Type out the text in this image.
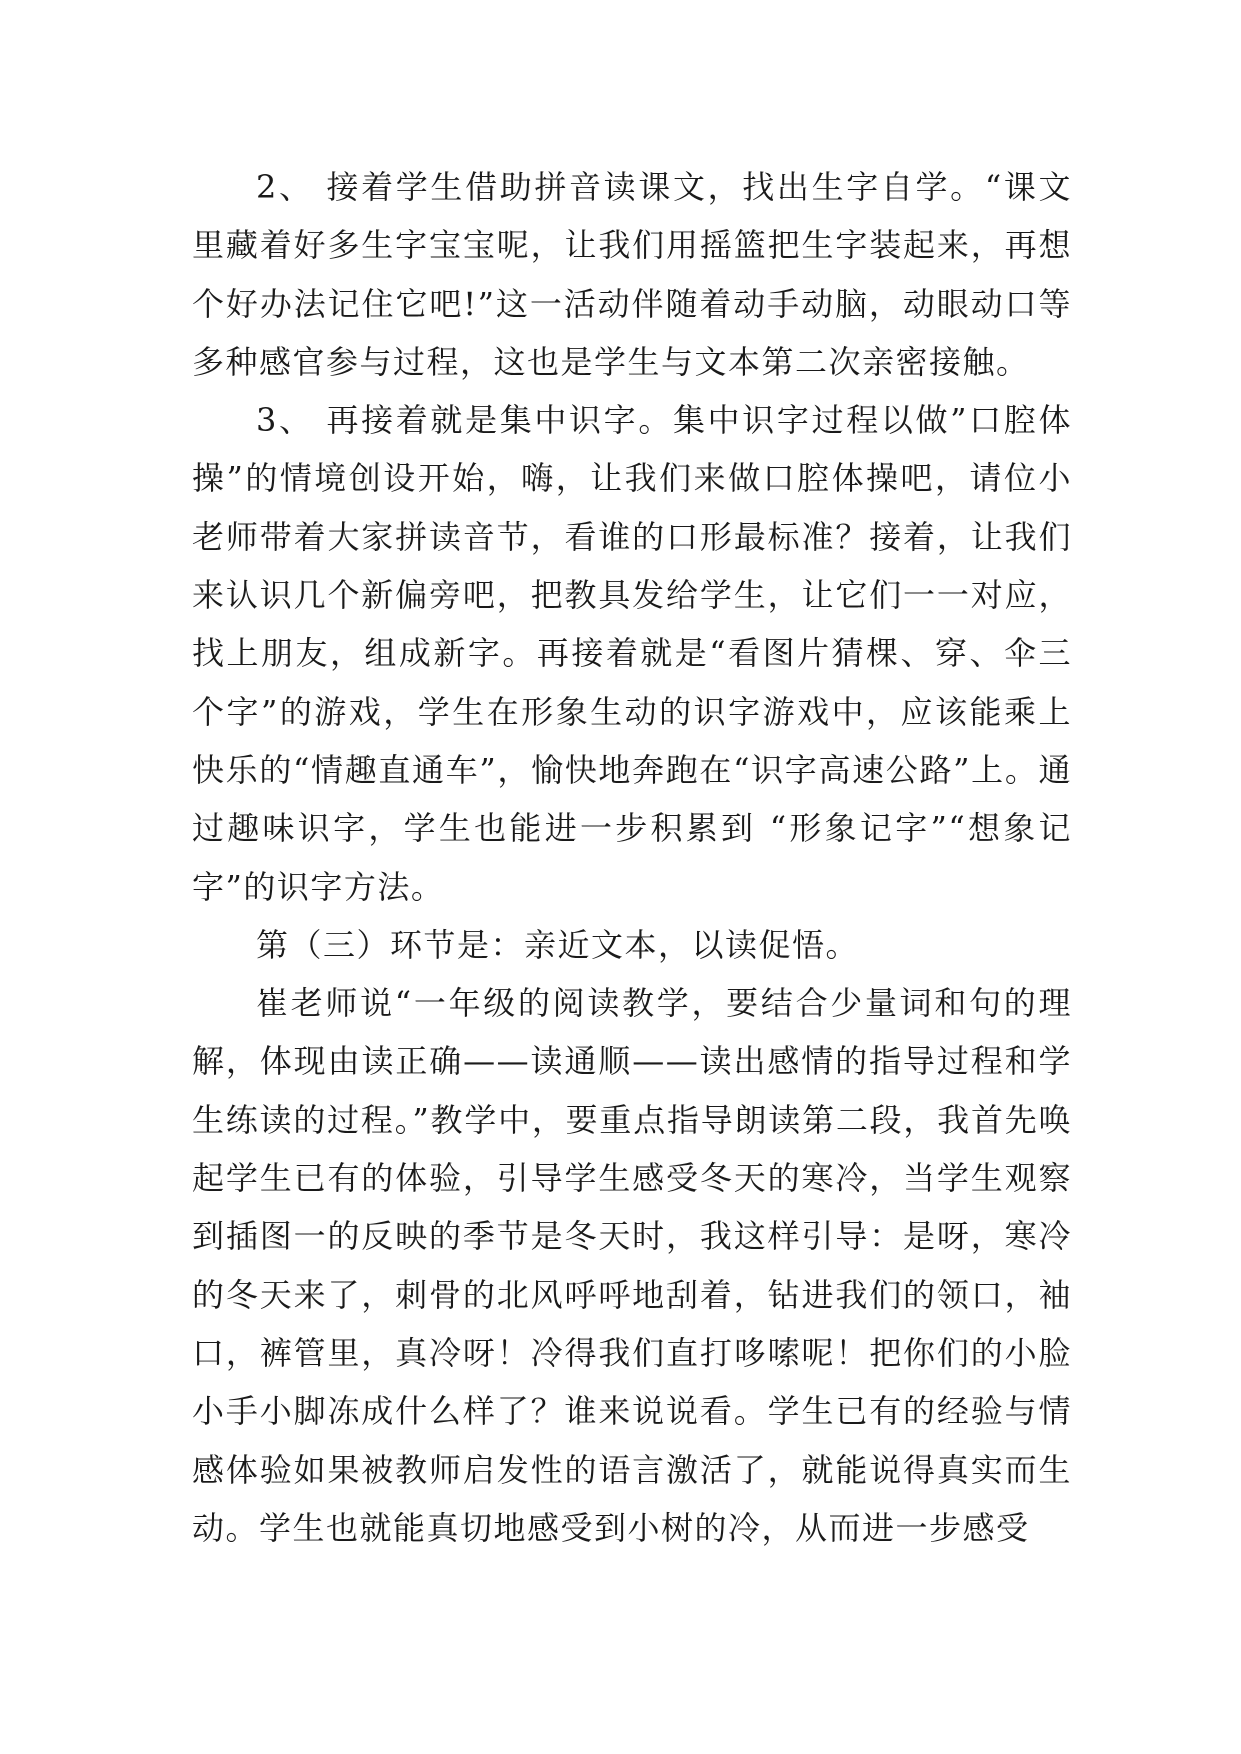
2、 接着学生借助拼音读课文，找出生字自学。“课文里藏着好多生字宝宝呢，让我们用摇篮把生字装起来，再想个好办法记住它吧!”这一活动伴随着动手动脑，动眼动口等多种感官参与过程，这也是学生与文本第二次亲密接触。

3、 再接着就是集中识字。集中识字过程以做”口腔体操”的情境创设开始，嗨，让我们来做口腔体操吧，请位小老师带着大家拼读音节，看谁的口形最标准？接着，让我们来认识几个新偏旁吧，把教具发给学生，让它们一一对应，找上朋友，组成新字。再接着就是“看图片猜棵、穿、伞三个字”的游戏，学生在形象生动的识字游戏中，应该能乘上快乐的“情趣直通车”，愉快地奔跑在“识字高速公路”上。通过趣味识字，学生也能进一步积累到 “形象记字”“想象记字”的识字方法。

第（三）环节是：亲近文本，以读促悟。

崔老师说“一年级的阅读教学，要结合少量词和句的理解，体现由读正确——读通顺——读出感情的指导过程和学生练读的过程。”教学中，要重点指导朗读第二段，我首先唤起学生已有的体验，引导学生感受冬天的寒冷，当学生观察到插图一的反映的季节是冬天时，我这样引导：是呀，寒冷的冬天来了，刺骨的北风呼呼地刮着，钻进我们的领口，袖口，裤管里，真冷呀！冷得我们直打哆嗦呢！把你们的小脸小手小脚冻成什么样了？谁来说说看。学生已有的经验与情感体验如果被教师启发性的语言激活了，就能说得真实而生动。学生也就能真切地感受到小树的冷，从而进一步感受
